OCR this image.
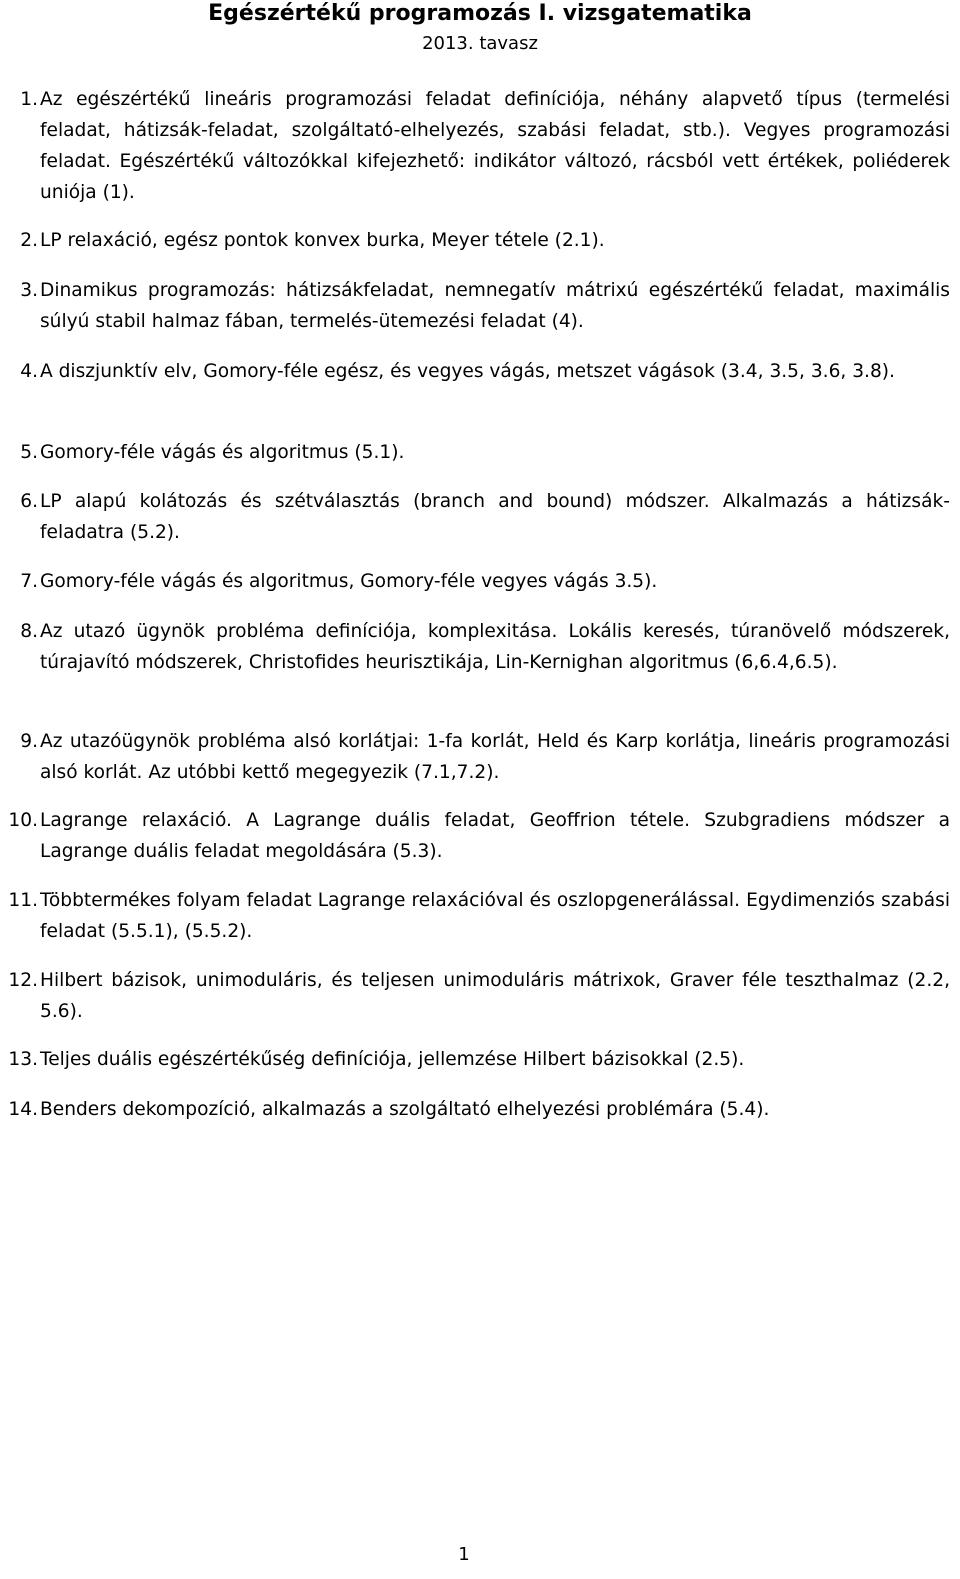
Egészértékű programozás I. vizsgatematika
2013. tavasz
1. Az egészértékű lineáris programozási feladat definíciója, néhány alapvető típus (termelési feladat, hátizsák-feladat, szolgáltató-elhelyezés, szabási feladat, stb.). Vegyes programozási feladat. Egészértékű változókkal kifejezhető: indikátor változó, rácsból vett értékek, poliéderek uniója (1).
2. LP relaxáció, egész pontok konvex burka, Meyer tétele (2.1).
3. Dinamikus programozás: hátizsákfeladat, nemnegatív mátrixú egészértékű feladat, maximális súlyú stabil halmaz fában, termelés-ütemezési feladat (4).
4. A diszjunktív elv, Gomory-féle egész, és vegyes vágás, metszet vágások (3.4, 3.5, 3.6, 3.8).
5. Gomory-féle vágás és algoritmus (5.1).
6. LP alapú kolátozás és szétválasztás (branch and bound) módszer. Alkalmazás a hátizsák-feladatra (5.2).
7. Gomory-féle vágás és algoritmus, Gomory-féle vegyes vágás 3.5).
8. Az utazó ügynök probléma definíciója, komplexitása. Lokális keresés, túranövelő módszerek, túrajavító módszerek, Christofides heurisztikája, Lin-Kernighan algoritmus (6,6.4,6.5).
9. Az utazóügynök probléma alsó korlátjai: 1-fa korlát, Held és Karp korlátja, lineáris programozási alsó korlát. Az utóbbi kettő megegyezik (7.1,7.2).
10. Lagrange relaxáció. A Lagrange duális feladat, Geoffrion tétele. Szubgradiens módszer a Lagrange duális feladat megoldására (5.3).
11. Többtermékes folyam feladat Lagrange relaxációval és oszlopgenerálással. Egydimenziós szabási feladat (5.5.1), (5.5.2).
12. Hilbert bázisok, unimoduláris, és teljesen unimoduláris mátrixok, Graver féle teszthalmaz (2.2, 5.6).
13. Teljes duális egészértékűség definíciója, jellemzése Hilbert bázisokkal (2.5).
14. Benders dekompozíció, alkalmazás a szolgáltató elhelyezési problémára (5.4).
1
